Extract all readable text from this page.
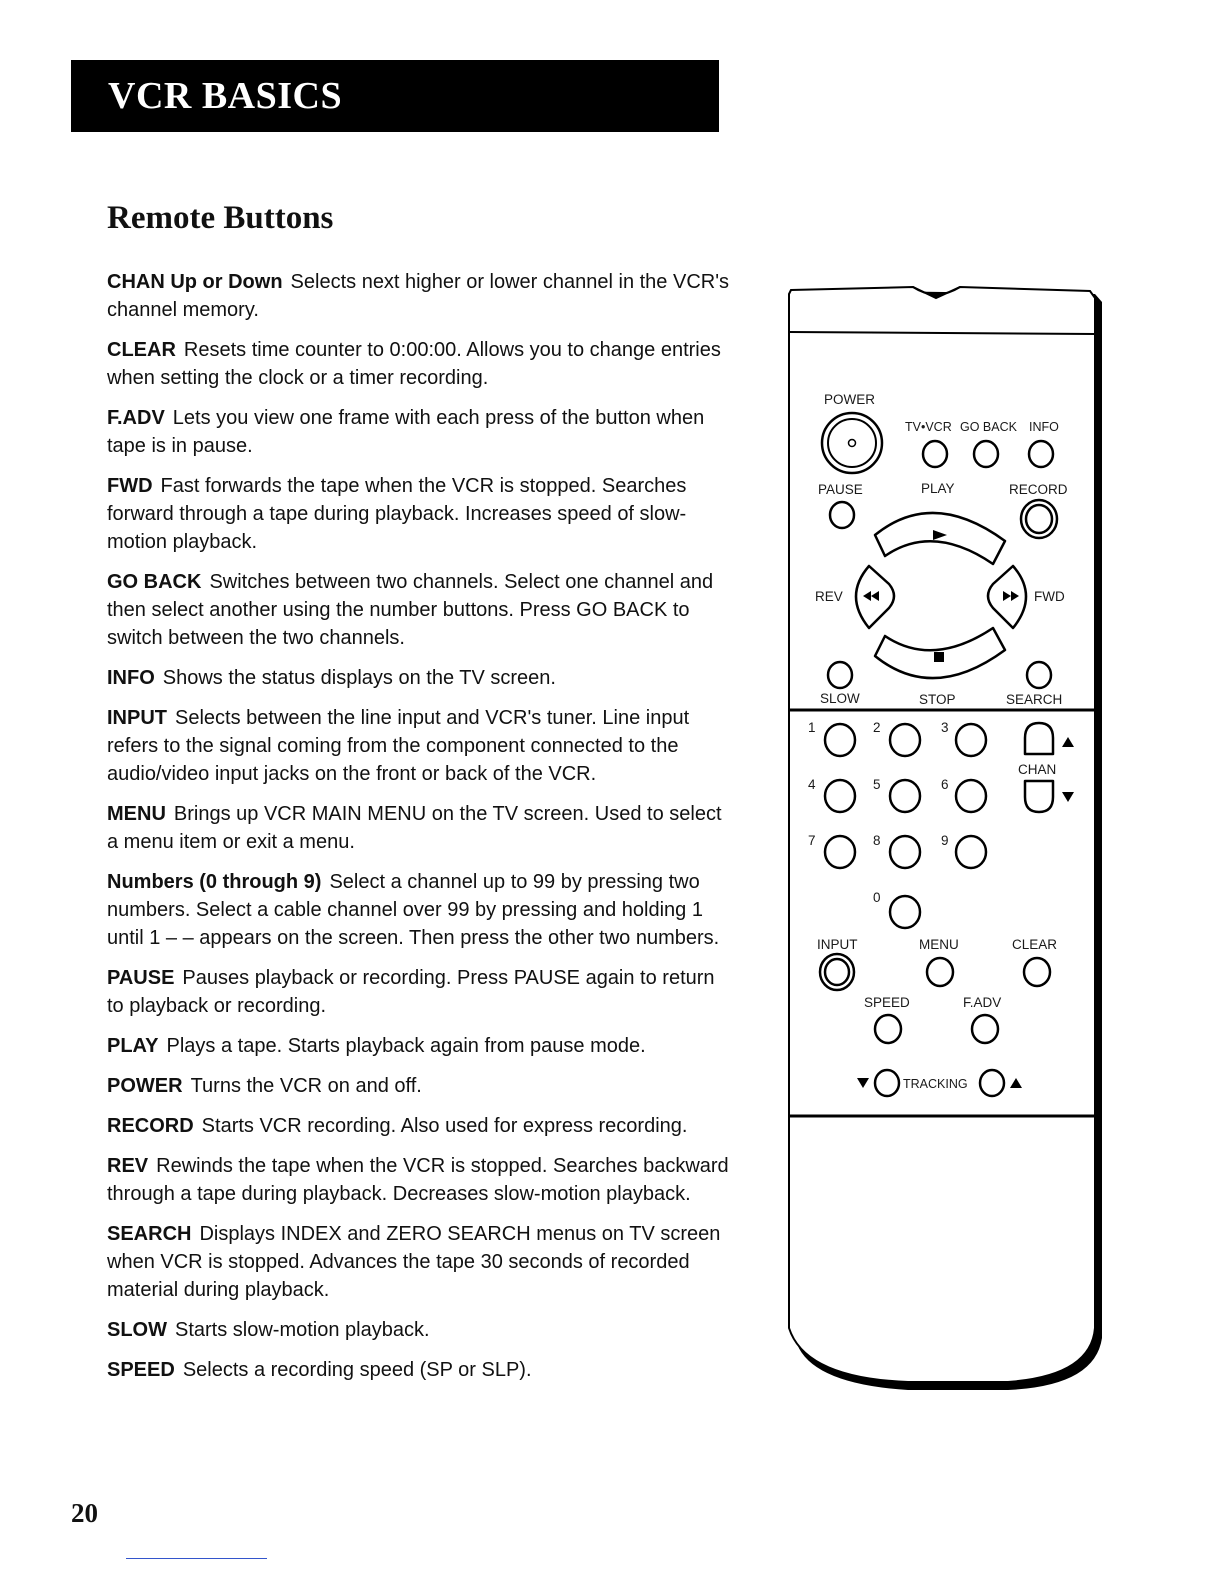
VCR BASICS
Remote Buttons

CHAN Up or Down Selects next higher or lower channel in the VCR's channel memory.

CLEAR Resets time counter to 0:00:00. Allows you to change entries when setting the clock or a timer recording.

F.ADV Lets you view one frame with each press of the button when tape is in pause.

FWD Fast forwards the tape when the VCR is stopped. Searches forward through a tape during playback. Increases speed of slow-motion playback.

GO BACK Switches between two channels. Select one channel and then select another using the number buttons. Press GO BACK to switch between the two channels.

INFO Shows the status displays on the TV screen.

INPUT Selects between the line input and VCR's tuner. Line input refers to the signal coming from the component connected to the audio/video input jacks on the front or back of the VCR.

MENU Brings up VCR MAIN MENU on the TV screen. Used to select a menu item or exit a menu.

Numbers (0 through 9) Select a channel up to 99 by pressing two numbers. Select a cable channel over 99 by pressing and holding 1 until 1 – – appears on the screen. Then press the other two numbers.

PAUSE Pauses playback or recording. Press PAUSE again to return to playback or recording.

PLAY Plays a tape. Starts playback again from pause mode.

POWER Turns the VCR on and off.

RECORD Starts VCR recording. Also used for express recording.

REV Rewinds the tape when the VCR is stopped. Searches backward through a tape during playback. Decreases slow-motion playback.

SEARCH Displays INDEX and ZERO SEARCH menus on TV screen when VCR is stopped. Advances the tape 30 seconds of recorded material during playback.

SLOW Starts slow-motion playback.

SPEED Selects a recording speed (SP or SLP).

POWER
TV•VCR GO BACK INFO
PAUSE	PLAY	RECORD
REV	FWD
SLOW	STOP	SEARCH
1	2	3
4	5	6
7	8	9
0
CHAN
INPUT	MENU	CLEAR
SPEED	F.ADV
TRACKING
20
